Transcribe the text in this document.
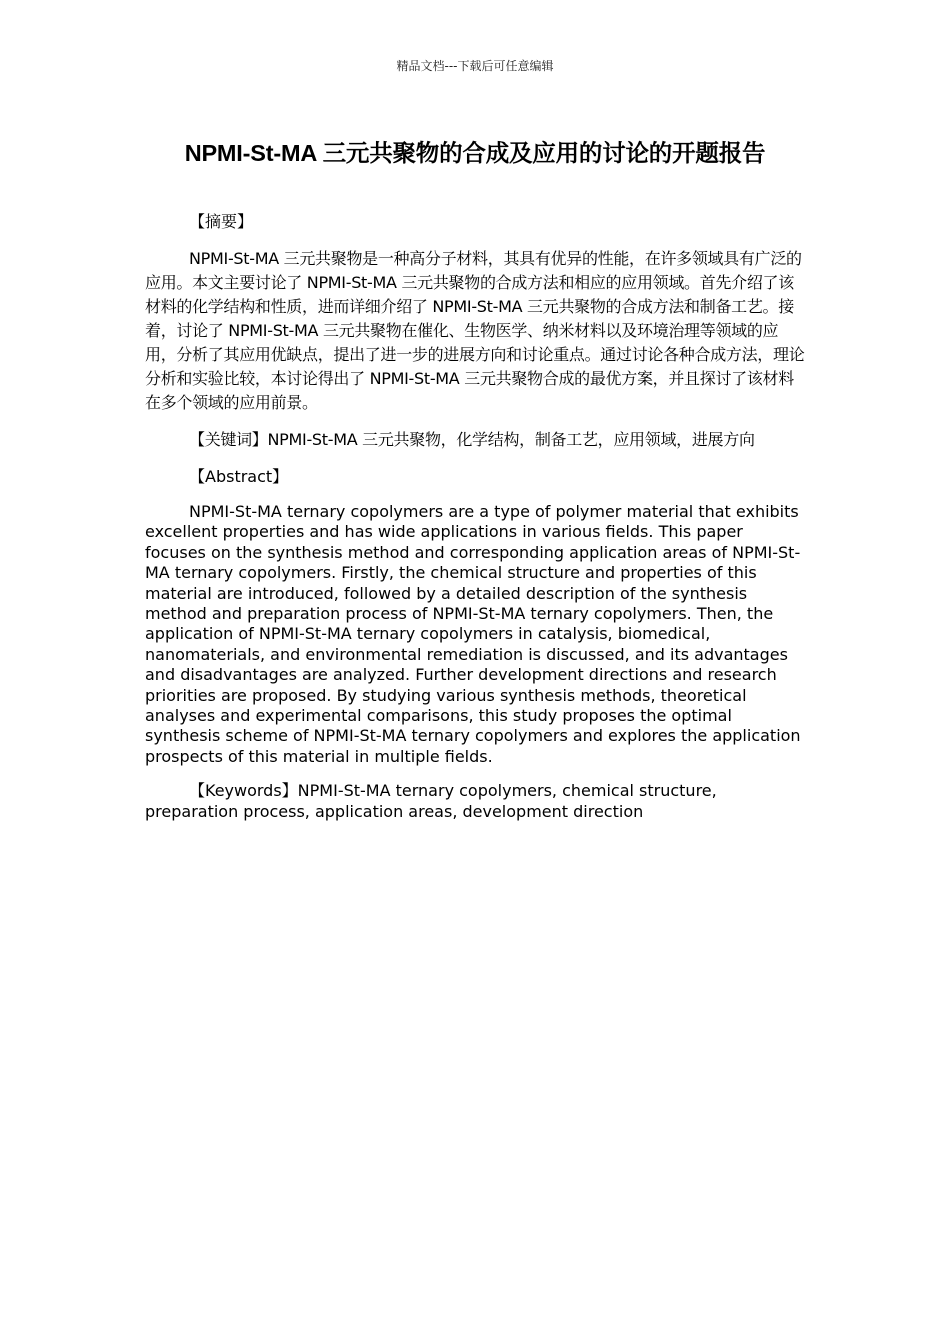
精品文档---下载后可任意编辑
NPMI-St-MA 三元共聚物的合成及应用的讨论的开题报告

【摘要】

NPMI-St-MA 三元共聚物是一种高分子材料，其具有优异的性能，在许多领域具有广泛的应用。本文主要讨论了 NPMI-St-MA 三元共聚物的合成方法和相应的应用领域。首先介绍了该材料的化学结构和性质，进而详细介绍了 NPMI-St-MA 三元共聚物的合成方法和制备工艺。接着，讨论了 NPMI-St-MA 三元共聚物在催化、生物医学、纳米材料以及环境治理等领域的应用，分析了其应用优缺点，提出了进一步的进展方向和讨论重点。通过讨论各种合成方法，理论分析和实验比较，本讨论得出了 NPMI-St-MA 三元共聚物合成的最优方案，并且探讨了该材料在多个领域的应用前景。

【关键词】NPMI-St-MA 三元共聚物，化学结构，制备工艺，应用领域，进展方向

【Abstract】

NPMI-St-MA ternary copolymers are a type of polymer material that exhibits excellent properties and has wide applications in various fields. This paper focuses on the synthesis method and corresponding application areas of NPMI-St-MA ternary copolymers. Firstly, the chemical structure and properties of this material are introduced, followed by a detailed description of the synthesis method and preparation process of NPMI-St-MA ternary copolymers. Then, the application of NPMI-St-MA ternary copolymers in catalysis, biomedical, nanomaterials, and environmental remediation is discussed, and its advantages and disadvantages are analyzed. Further development directions and research priorities are proposed. By studying various synthesis methods, theoretical analyses and experimental comparisons, this study proposes the optimal synthesis scheme of NPMI-St-MA ternary copolymers and explores the application prospects of this material in multiple fields.

【Keywords】NPMI-St-MA ternary copolymers, chemical structure, preparation process, application areas, development direction
